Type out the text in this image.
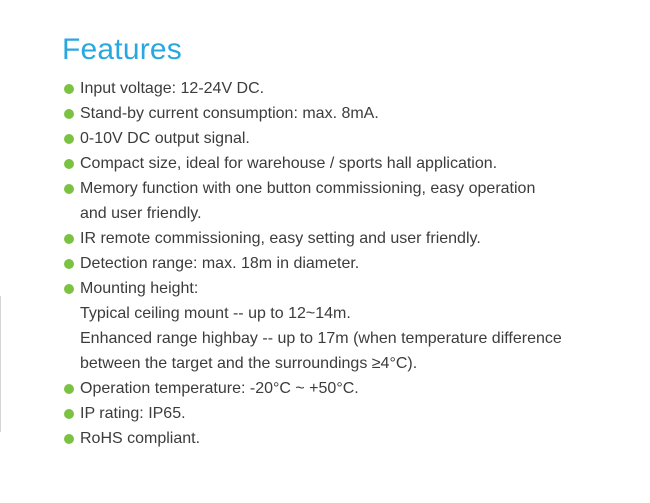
Features
Input voltage: 12-24V DC.
Stand-by current consumption: max. 8mA.
0-10V DC output signal.
Compact size, ideal for warehouse / sports hall application.
Memory function with one button commissioning, easy operation
and user friendly.
IR remote commissioning, easy setting and user friendly.
Detection range: max. 18m in diameter.
Mounting height:
Typical ceiling mount -- up to 12~14m.
Enhanced range highbay -- up to 17m (when temperature difference
between the target and the surroundings ≥4°C).
Operation temperature: -20°C ~ +50°C.
IP rating: IP65.
RoHS compliant.
